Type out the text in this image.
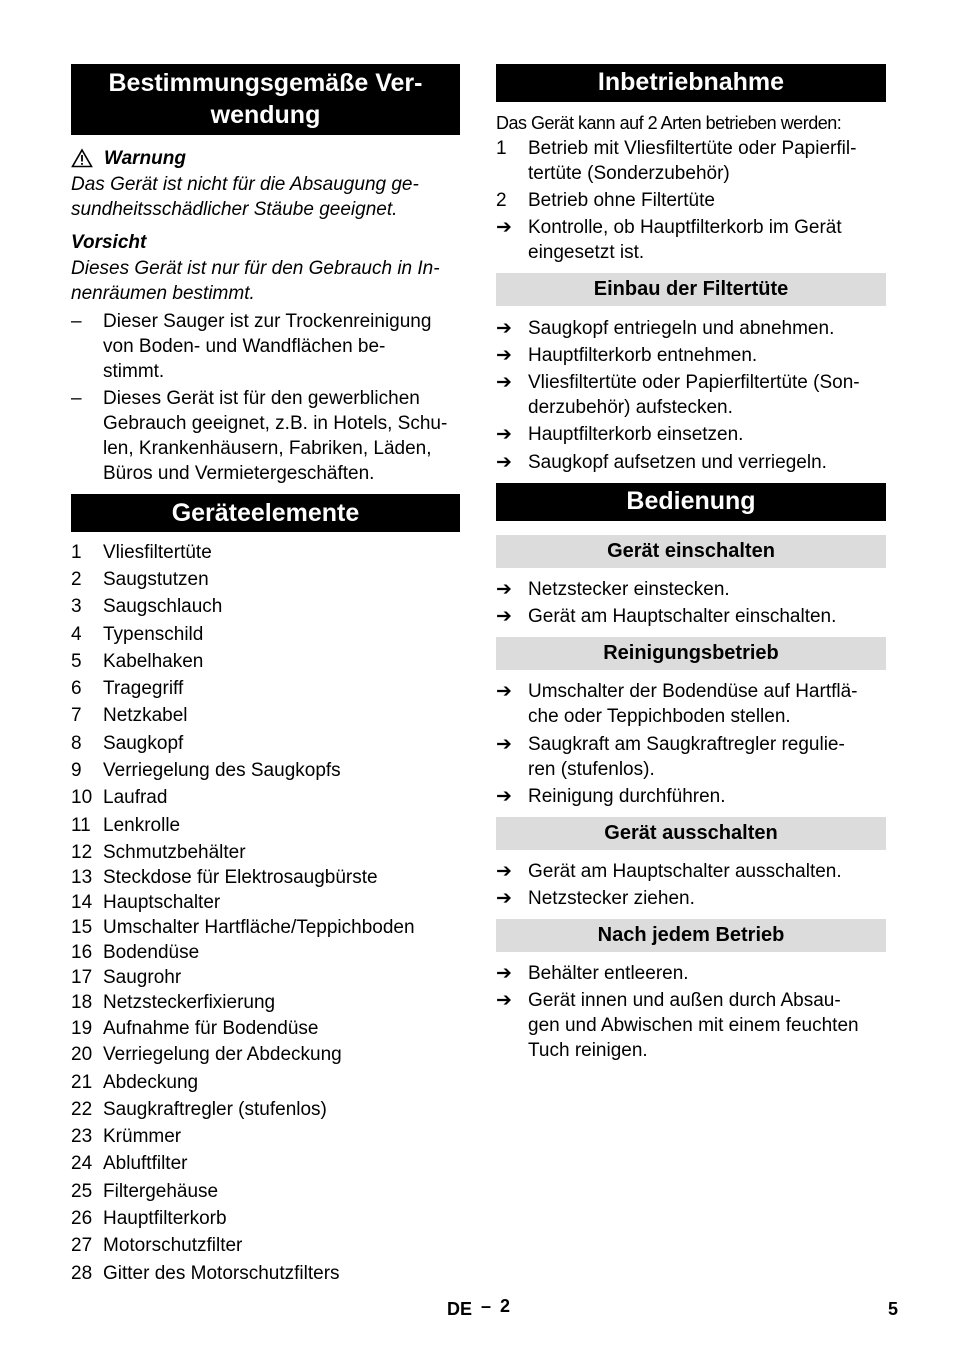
Bestimmungsgemäße Ver-
wendung
Warnung
Das Gerät ist nicht für die Absaugung ge-
sundheitsschädlicher Stäube geeignet.
Vorsicht
Dieses Gerät ist nur für den Gebrauch in In-
nenräumen bestimmt.
– Dieser Sauger ist zur Trockenreinigung
von Boden- und Wandflächen be-
stimmt.
– Dieses Gerät ist für den gewerblichen
Gebrauch geeignet, z.B. in Hotels, Schu-
len, Krankenhäusern, Fabriken, Läden,
Büros und Vermietergeschäften.
Geräteelemente
1 Vliesfiltertüte
2 Saugstutzen
3 Saugschlauch
4 Typenschild
5 Kabelhaken
6 Tragegriff
7 Netzkabel
8 Saugkopf
9 Verriegelung des Saugkopfs
10 Laufrad
11 Lenkrolle
12 Schmutzbehälter
13 Steckdose für Elektrosaugbürste
14 Hauptschalter
15 Umschalter Hartfläche/Teppichboden
16 Bodendüse
17 Saugrohr
18 Netzsteckerfixierung
19 Aufnahme für Bodendüse
20 Verriegelung der Abdeckung
21 Abdeckung
22 Saugkraftregler (stufenlos)
23 Krümmer
24 Abluftfilter
25 Filtergehäuse
26 Hauptfilterkorb
27 Motorschutzfilter
28 Gitter des Motorschutzfilters
Inbetriebnahme
Das Gerät kann auf 2 Arten betrieben werden:
1 Betrieb mit Vliesfiltertüte oder Papierfil-
tertüte (Sonderzubehör)
2 Betrieb ohne Filtertüte
➔ Kontrolle, ob Hauptfilterkorb im Gerät
eingesetzt ist.
Einbau der Filtertüte
➔ Saugkopf entriegeln und abnehmen.
➔ Hauptfilterkorb entnehmen.
➔ Vliesfiltertüte oder Papierfiltertüte (Son-
derzubehör) aufstecken.
➔ Hauptfilterkorb einsetzen.
➔ Saugkopf aufsetzen und verriegeln.
Bedienung
Gerät einschalten
➔ Netzstecker einstecken.
➔ Gerät am Hauptschalter einschalten.
Reinigungsbetrieb
➔ Umschalter der Bodendüse auf Hartflä-
che oder Teppichboden stellen.
➔ Saugkraft am Saugkraftregler regulie-
ren (stufenlos).
➔ Reinigung durchführen.
Gerät ausschalten
➔ Gerät am Hauptschalter ausschalten.
➔ Netzstecker ziehen.
Nach jedem Betrieb
➔ Behälter entleeren.
➔ Gerät innen und außen durch Absau-
gen und Abwischen mit einem feuchten
Tuch reinigen.
DE – 2	5
